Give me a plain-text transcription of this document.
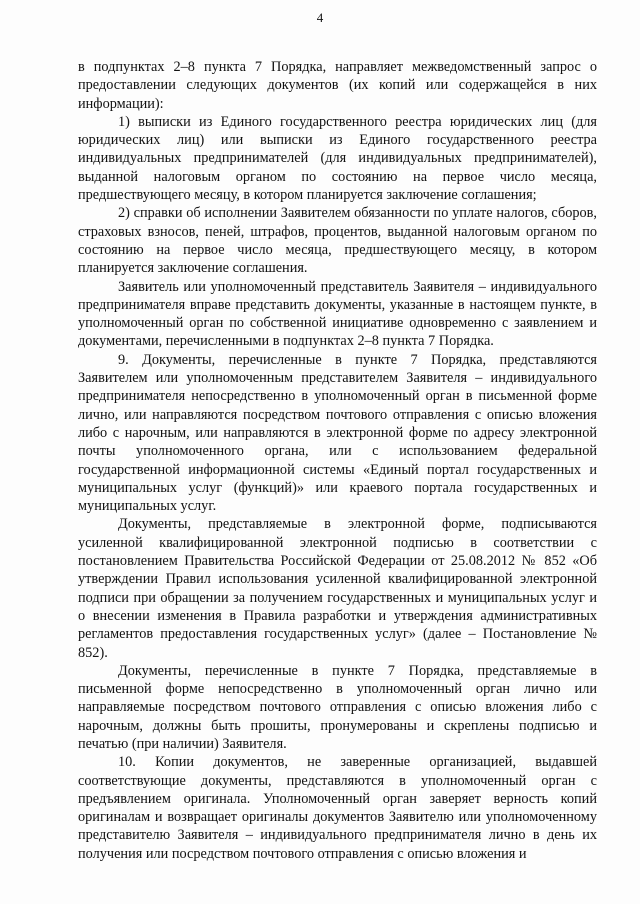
4

в подпунктах 2–8 пункта 7 Порядка, направляет межведомственный запрос о предоставлении следующих документов (их копий или содержащейся в них информации):

1) выписки из Единого государственного реестра юридических лиц (для юридических лиц) или выписки из Единого государственного реестра индивидуальных предпринимателей (для индивидуальных предпринимателей), выданной налоговым органом по состоянию на первое число месяца, предшествующего месяцу, в котором планируется заключение соглашения;

2) справки об исполнении Заявителем обязанности по уплате налогов, сборов, страховых взносов, пеней, штрафов, процентов, выданной налоговым органом по состоянию на первое число месяца, предшествующего месяцу, в котором планируется заключение соглашения.

Заявитель или уполномоченный представитель Заявителя – индивидуального предпринимателя вправе представить документы, указанные в настоящем пункте, в уполномоченный орган по собственной инициативе одновременно с заявлением и документами, перечисленными в подпунктах 2–8 пункта 7 Порядка.

9. Документы, перечисленные в пункте 7 Порядка, представляются Заявителем или уполномоченным представителем Заявителя – индивидуального предпринимателя непосредственно в уполномоченный орган в письменной форме лично, или направляются посредством почтового отправления с описью вложения либо с нарочным, или направляются в электронной форме по адресу электронной почты уполномоченного органа, или с использованием федеральной государственной информационной системы «Единый портал государственных и муниципальных услуг (функций)» или краевого портала государственных и муниципальных услуг.

Документы, представляемые в электронной форме, подписываются усиленной квалифицированной электронной подписью в соответствии с постановлением Правительства Российской Федерации от 25.08.2012 № 852 «Об утверждении Правил использования усиленной квалифицированной электронной подписи при обращении за получением государственных и муниципальных услуг и о внесении изменения в Правила разработки и утверждения административных регламентов предоставления государственных услуг» (далее – Постановление № 852).

Документы, перечисленные в пункте 7 Порядка, представляемые в письменной форме непосредственно в уполномоченный орган лично или направляемые посредством почтового отправления с описью вложения либо с нарочным, должны быть прошиты, пронумерованы и скреплены подписью и печатью (при наличии) Заявителя.

10. Копии документов, не заверенные организацией, выдавшей соответствующие документы, представляются в уполномоченный орган с предъявлением оригинала. Уполномоченный орган заверяет верность копий оригиналам и возвращает оригиналы документов Заявителю или уполномоченному представителю Заявителя – индивидуального предпринимателя лично в день их получения или посредством почтового отправления с описью вложения и
